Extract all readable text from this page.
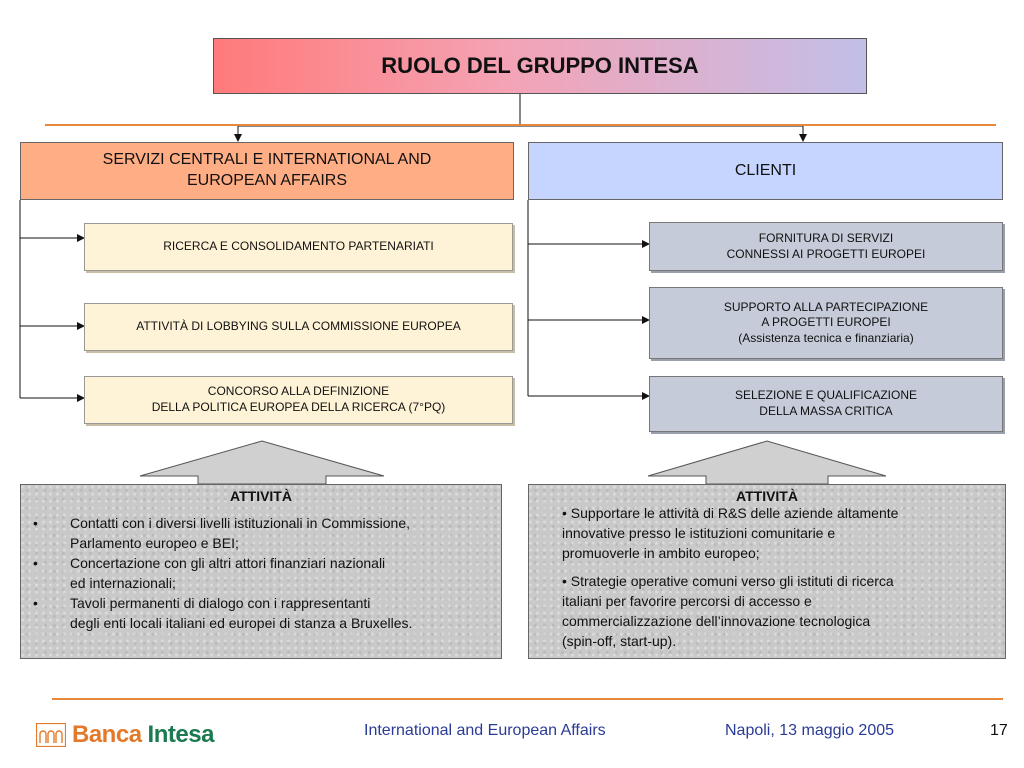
RUOLO DEL GRUPPO INTESA
SERVIZI CENTRALI E INTERNATIONAL AND
EUROPEAN AFFAIRS
CLIENTI
RICERCA E CONSOLIDAMENTO PARTENARIATI
ATTIVITÀ DI LOBBYING SULLA COMMISSIONE EUROPEA
CONCORSO ALLA DEFINIZIONE
DELLA POLITICA EUROPEA DELLA RICERCA (7°PQ)
FORNITURA DI SERVIZI
CONNESSI AI PROGETTI EUROPEI
SUPPORTO ALLA PARTECIPAZIONE
A PROGETTI EUROPEI
(Assistenza tecnica e finanziaria)
SELEZIONE E QUALIFICAZIONE
DELLA MASSA CRITICA
ATTIVITÀ
• Contatti con i diversi livelli istituzionali in Commissione,
Parlamento europeo e BEI;
• Concertazione con gli altri attori finanziari nazionali
ed internazionali;
• Tavoli permanenti di dialogo con i rappresentanti
degli enti locali italiani ed europei di stanza a Bruxelles.
ATTIVITÀ

• Supportare le attività di R&S delle aziende altamente
innovative presso le istituzioni comunitarie e
promuoverle in ambito europeo;

• Strategie operative comuni verso gli istituti di ricerca
italiani per favorire percorsi di accesso e
commercializzazione dell’innovazione tecnologica
(spin-off, start-up).

Banca Intesa	International and European Affairs	Napoli, 13 maggio 2005	17
